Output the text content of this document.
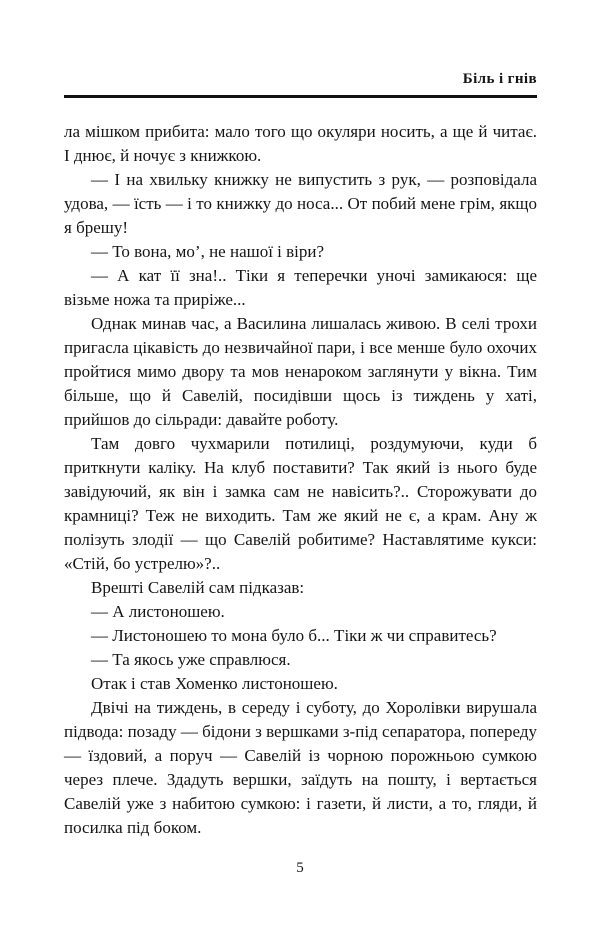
Біль і гнів

ла мішком прибита: мало того що окуляри носить, а ще й читає. І днює, й ночує з книжкою.

— І на хвильку книжку не випустить з рук, — розповідала удова, — їсть — і то книжку до носа... От побий мене грім, якщо я брешу!

— То вона, мо’, не нашої і віри?

— А кат її зна!.. Тіки я теперечки уночі замикаюся: ще візьме ножа та приріже...

Однак минав час, а Василина лишалась живою. В селі трохи пригасла цікавість до незвичайної пари, і все менше було охочих пройтися мимо двору та мов ненароком заглянути у вікна. Тим більше, що й Савелій, посидівши щось із тиждень у хаті, прийшов до сільради: давайте роботу.

Там довго чухмарили потилиці, роздумуючи, куди б приткнути каліку. На клуб поставити? Так який із нього буде завідуючий, як він і замка сам не навісить?.. Сторожувати до крамниці? Теж не виходить. Там же який не є, а крам. Ану ж полізуть злодії — що Савелій робитиме? Наставлятиме кукси: «Стій, бо устрелю»?..

Врешті Савелій сам підказав:

— А листоношею.

— Листоношею то мона було б... Тіки ж чи справитесь?

— Та якось уже справлюся.

Отак і став Хоменко листоношею.

Двічі на тиждень, в середу і суботу, до Хоролівки вирушала підвода: позаду — бідони з вершками з-під сепаратора, попереду — їздовий, а поруч — Савелій із чорною порожньою сумкою через плече. Здадуть вершки, заїдуть на пошту, і вертається Савелій уже з набитою сумкою: і газети, й листи, а то, гляди, й посилка під боком.

5
